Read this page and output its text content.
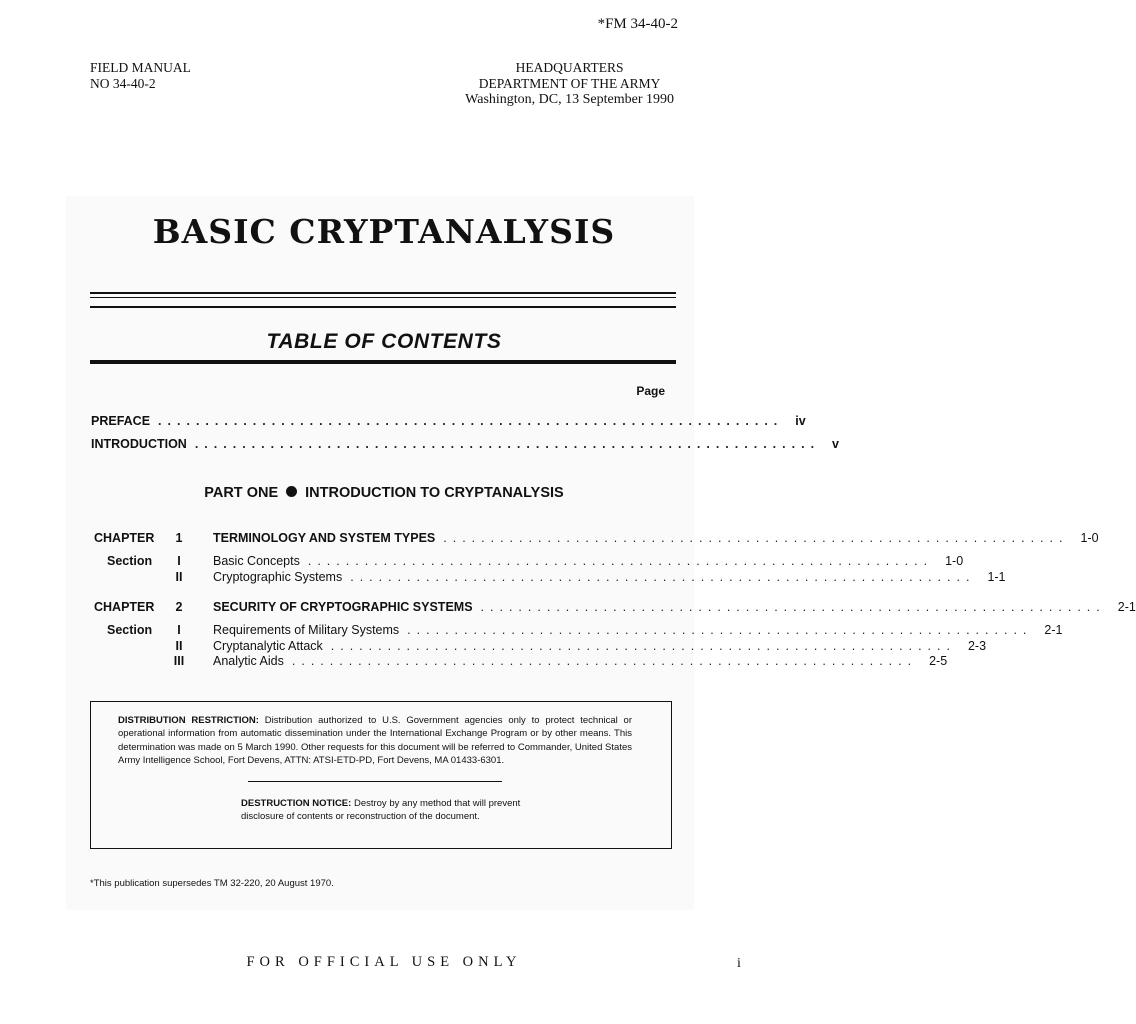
*FM 34-40-2
FIELD MANUAL
NO 34-40-2
HEADQUARTERS
DEPARTMENT OF THE ARMY
Washington, DC, 13 September 1990
BASIC CRYPTANALYSIS
TABLE OF CONTENTS
Page
PREFACE .................................................................. iv
INTRODUCTION .................................................................. v
PART ONE INTRODUCTION TO CRYPTANALYSIS
CHAPTER	1	TERMINOLOGY AND SYSTEM TYPES .................................................................. 1-0
Section	I	Basic Concepts .................................................................. 1-0
II	Cryptographic Systems .................................................................. 1-1
CHAPTER	2	SECURITY OF CRYPTOGRAPHIC SYSTEMS .................................................................. 2-1
Section	I	Requirements of Military Systems .................................................................. 2-1
II	Cryptanalytic Attack .................................................................. 2-3
III	Analytic Aids .................................................................. 2-5
DISTRIBUTION RESTRICTION: Distribution authorized to U.S. Government agencies only to protect technical or operational information from automatic dissemination under the International Exchange Program or by other means. This determination was made on 5 March 1990. Other requests for this document will be referred to Commander, United States Army Intelligence School, Fort Devens, ATTN: ATSI-ETD-PD, Fort Devens, MA 01433-6301.
DESTRUCTION NOTICE: Destroy by any method that will prevent disclosure of contents or reconstruction of the document.
*This publication supersedes TM 32-220, 20 August 1970.
FOR OFFICIAL USE ONLY	i
